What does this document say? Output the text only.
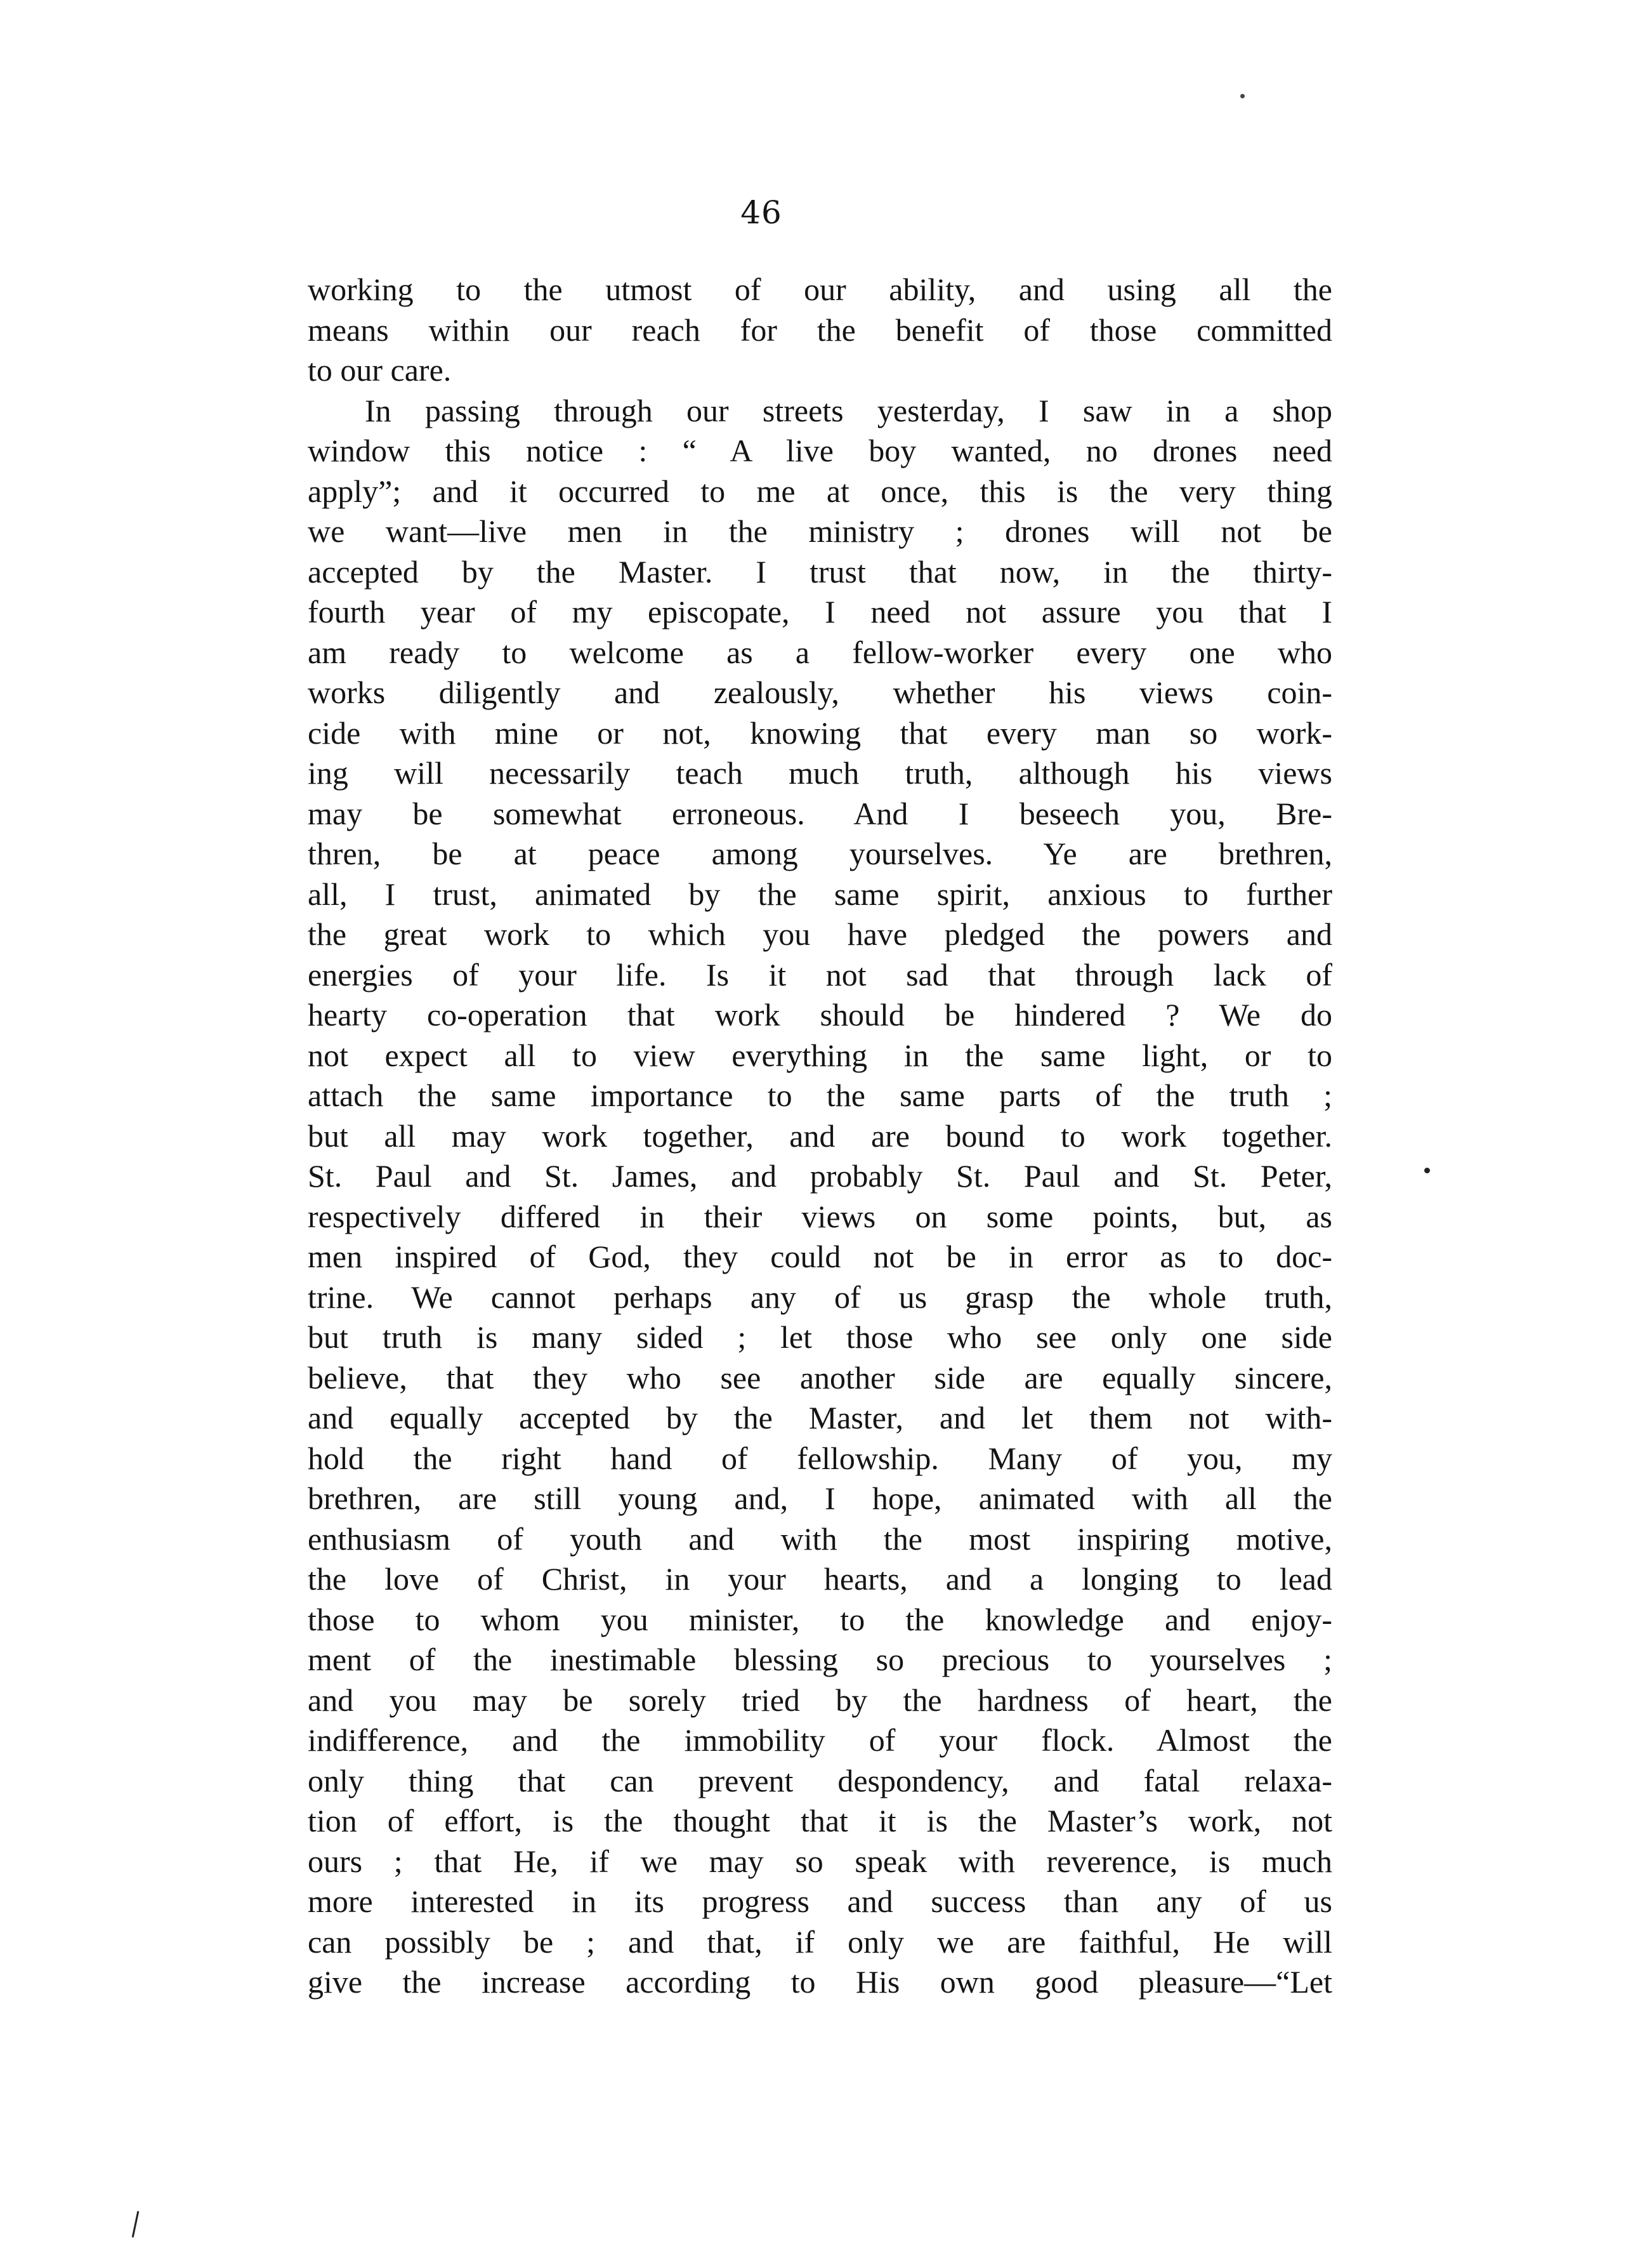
46
working to the utmost of our ability, and using all the
means within our reach for the benefit of those committed
to our care.
In passing through our streets yesterday, I saw in a shop
window this notice : “ A live boy wanted, no drones need
apply”; and it occurred to me at once, this is the very thing
we want—live men in the ministry ; drones will not be
accepted by the Master. I trust that now, in the thirty-
fourth year of my episcopate, I need not assure you that I
am ready to welcome as a fellow-worker every one who
works diligently and zealously, whether his views coin-
cide with mine or not, knowing that every man so work-
ing will necessarily teach much truth, although his views
may be somewhat erroneous. And I beseech you, Bre-
thren, be at peace among yourselves. Ye are brethren,
all, I trust, animated by the same spirit, anxious to further
the great work to which you have pledged the powers and
energies of your life. Is it not sad that through lack of
hearty co-operation that work should be hindered ? We do
not expect all to view everything in the same light, or to
attach the same importance to the same parts of the truth ;
but all may work together, and are bound to work together.
St. Paul and St. James, and probably St. Paul and St. Peter,
respectively differed in their views on some points, but, as
men inspired of God, they could not be in error as to doc-
trine. We cannot perhaps any of us grasp the whole truth,
but truth is many sided ; let those who see only one side
believe, that they who see another side are equally sincere,
and equally accepted by the Master, and let them not with-
hold the right hand of fellowship. Many of you, my
brethren, are still young and, I hope, animated with all the
enthusiasm of youth and with the most inspiring motive,
the love of Christ, in your hearts, and a longing to lead
those to whom you minister, to the knowledge and enjoy-
ment of the inestimable blessing so precious to yourselves ;
and you may be sorely tried by the hardness of heart, the
indifference, and the immobility of your flock. Almost the
only thing that can prevent despondency, and fatal relaxa-
tion of effort, is the thought that it is the Master’s work, not
ours ; that He, if we may so speak with reverence, is much
more interested in its progress and success than any of us
can possibly be ; and that, if only we are faithful, He will
give the increase according to His own good pleasure—“Let
